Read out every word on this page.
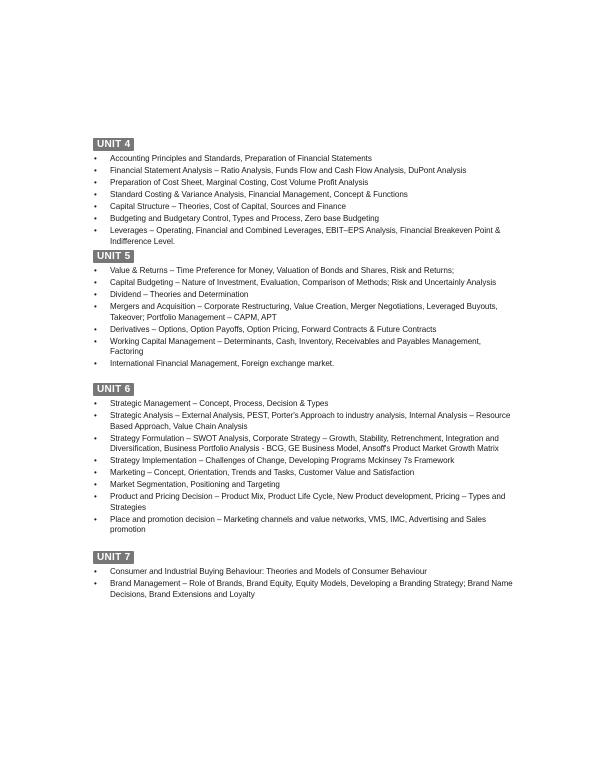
UNIT 4
• Accounting Principles and Standards, Preparation of Financial Statements
• Financial Statement Analysis – Ratio Analysis, Funds Flow and Cash Flow Analysis, DuPont Analysis
• Preparation of Cost Sheet, Marginal Costing, Cost Volume Profit Analysis
• Standard Costing & Variance Analysis, Financial Management, Concept & Functions
• Capital Structure – Theories, Cost of Capital, Sources and Finance
• Budgeting and Budgetary Control, Types and Process, Zero base Budgeting
• Leverages – Operating, Financial and Combined Leverages, EBIT–EPS Analysis, Financial Breakeven Point & Indifference Level.
UNIT 5
• Value & Returns – Time Preference for Money, Valuation of Bonds and Shares, Risk and Returns;
• Capital Budgeting – Nature of Investment, Evaluation, Comparison of Methods; Risk and Uncertainly Analysis
• Dividend – Theories and Determination
• Mergers and Acquisition – Corporate Restructuring, Value Creation, Merger Negotiations, Leveraged Buyouts, Takeover; Portfolio Management – CAPM, APT
• Derivatives – Options, Option Payoffs, Option Pricing, Forward Contracts & Future Contracts
• Working Capital Management – Determinants, Cash, Inventory, Receivables and Payables Management, Factoring
• International Financial Management, Foreign exchange market.
UNIT 6
• Strategic Management – Concept, Process, Decision & Types
• Strategic Analysis – External Analysis, PEST, Porter's Approach to industry analysis, Internal Analysis – Resource Based Approach, Value Chain Analysis
• Strategy Formulation – SWOT Analysis, Corporate Strategy – Growth, Stability, Retrenchment, Integration and Diversification, Business Portfolio Analysis - BCG, GE Business Model, Ansoff's Product Market Growth Matrix
• Strategy Implementation – Challenges of Change, Developing Programs Mckinsey 7s Framework
• Marketing – Concept, Orientation, Trends and Tasks, Customer Value and Satisfaction
• Market Segmentation, Positioning and Targeting
• Product and Pricing Decision – Product Mix, Product Life Cycle, New Product development, Pricing – Types and Strategies
• Place and promotion decision – Marketing channels and value networks, VMS, IMC, Advertising and Sales promotion
UNIT 7
• Consumer and Industrial Buying Behaviour: Theories and Models of Consumer Behaviour
• Brand Management – Role of Brands, Brand Equity, Equity Models, Developing a Branding Strategy; Brand Name Decisions, Brand Extensions and Loyalty
